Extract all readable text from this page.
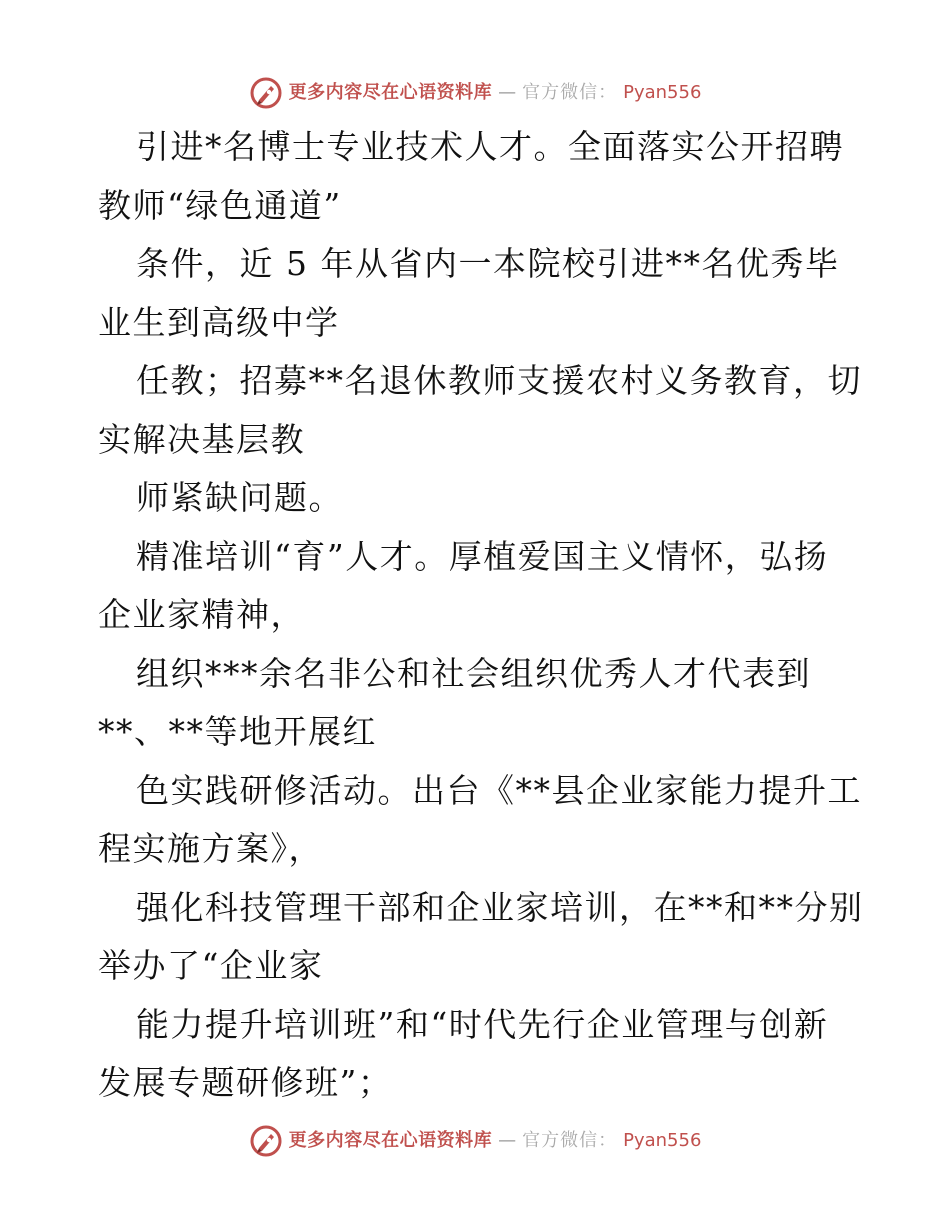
更多内容尽在心语资料库 — 官方微信： Pyan556
引进*名博士专业技术人才。全面落实公开招聘
教师“绿色通道”
条件，近 5 年从省内一本院校引进**名优秀毕
业生到高级中学
任教；招募**名退休教师支援农村义务教育，切
实解决基层教
师紧缺问题。
精准培训“育”人才。厚植爱国主义情怀，弘扬
企业家精神，
组织***余名非公和社会组织优秀人才代表到
**、**等地开展红
色实践研修活动。出台《**县企业家能力提升工
程实施方案》，
强化科技管理干部和企业家培训，在**和**分别
举办了“企业家
能力提升培训班”和“时代先行企业管理与创新
发展专题研修班”；
更多内容尽在心语资料库 — 官方微信： Pyan556
